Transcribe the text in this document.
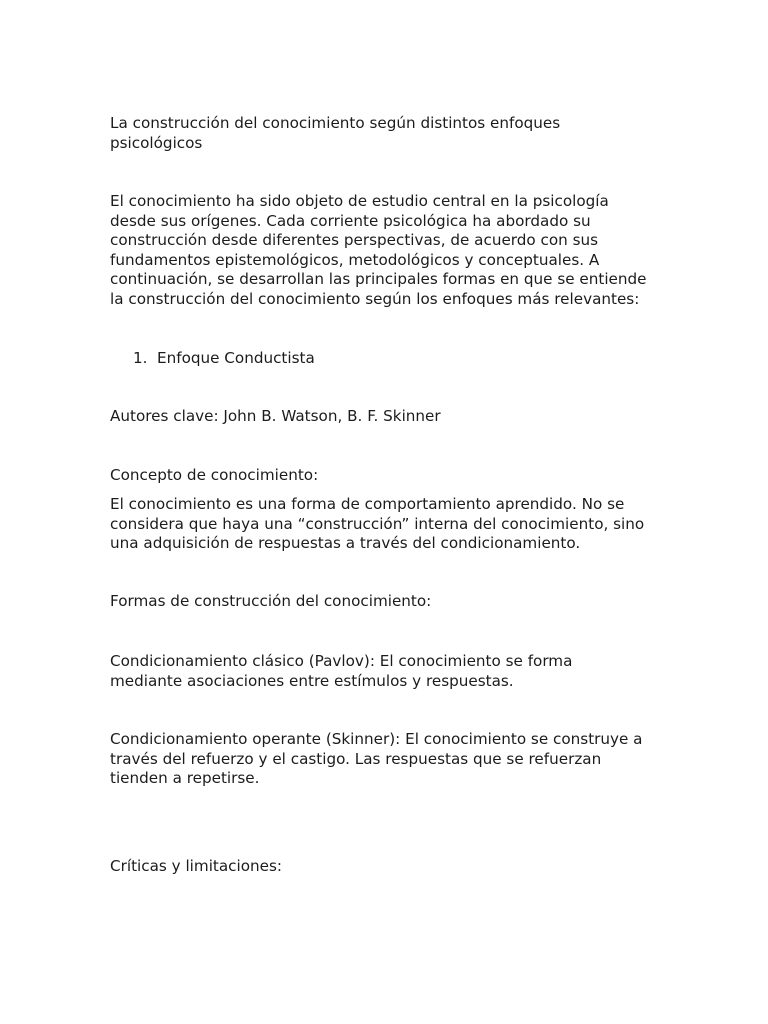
La construcción del conocimiento según distintos enfoques
psicológicos

El conocimiento ha sido objeto de estudio central en la psicología
desde sus orígenes. Cada corriente psicológica ha abordado su
construcción desde diferentes perspectivas, de acuerdo con sus
fundamentos epistemológicos, metodológicos y conceptuales. A
continuación, se desarrollan las principales formas en que se entiende
la construcción del conocimiento según los enfoques más relevantes:

1. Enfoque Conductista

Autores clave: John B. Watson, B. F. Skinner

Concepto de conocimiento:

El conocimiento es una forma de comportamiento aprendido. No se
considera que haya una “construcción” interna del conocimiento, sino
una adquisición de respuestas a través del condicionamiento.

Formas de construcción del conocimiento:

Condicionamiento clásico (Pavlov): El conocimiento se forma
mediante asociaciones entre estímulos y respuestas.

Condicionamiento operante (Skinner): El conocimiento se construye a
través del refuerzo y el castigo. Las respuestas que se refuerzan
tienden a repetirse.

Críticas y limitaciones:
